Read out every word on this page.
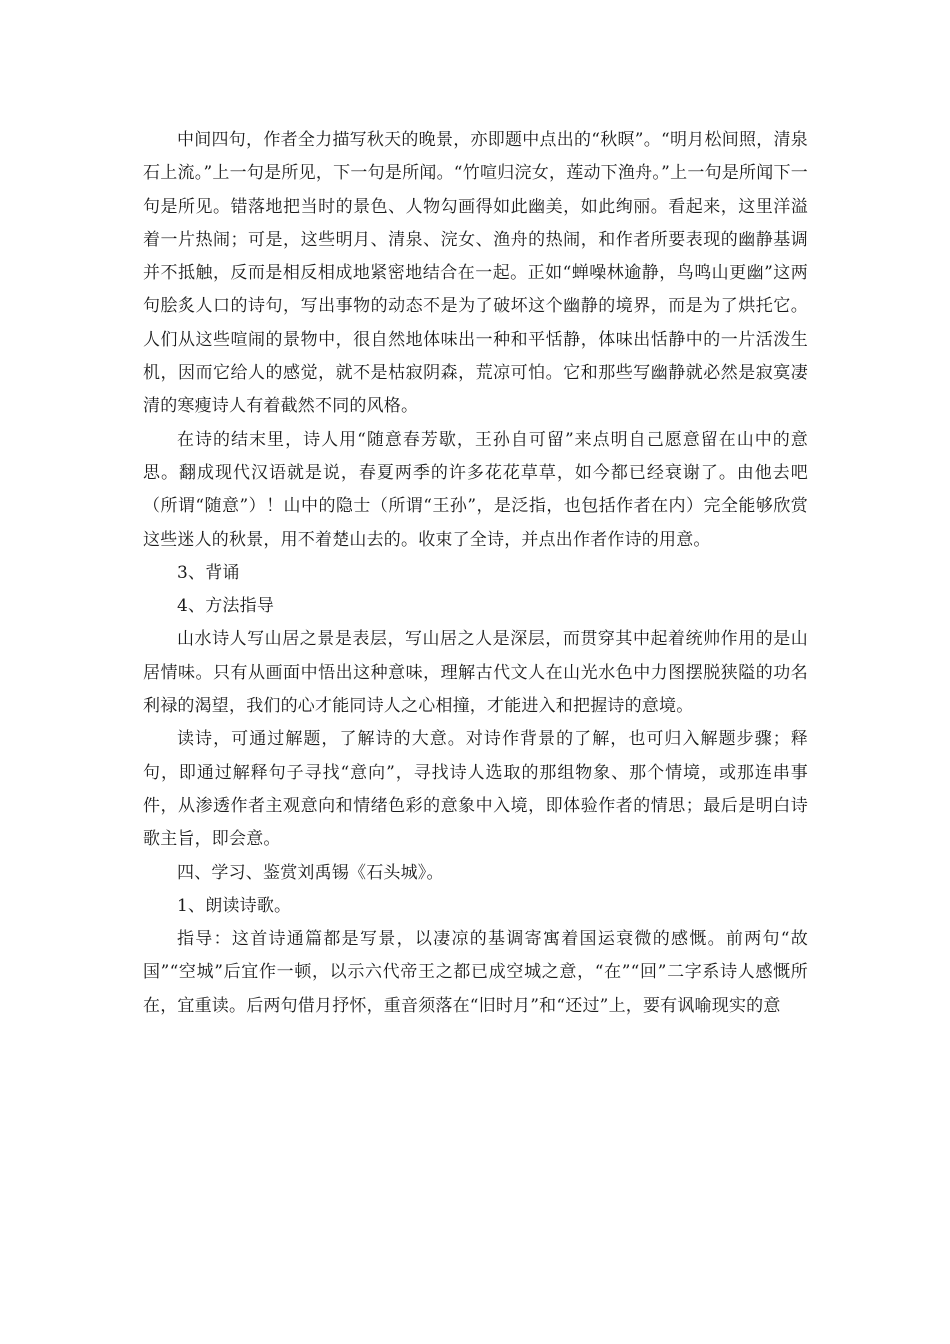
中间四句，作者全力描写秋天的晚景，亦即题中点出的“秋暝”。“明月松间照，清泉石上流。”上一句是所见，下一句是所闻。“竹喧归浣女，莲动下渔舟。”上一句是所闻下一句是所见。错落地把当时的景色、人物勾画得如此幽美，如此绚丽。看起来，这里洋溢着一片热闹；可是，这些明月、清泉、浣女、渔舟的热闹，和作者所要表现的幽静基调并不抵触，反而是相反相成地紧密地结合在一起。正如“蝉噪林逾静，鸟鸣山更幽”这两句脍炙人口的诗句，写出事物的动态不是为了破坏这个幽静的境界，而是为了烘托它。人们从这些喧闹的景物中，很自然地体味出一种和平恬静，体味出恬静中的一片活泼生机，因而它给人的感觉，就不是枯寂阴森，荒凉可怕。它和那些写幽静就必然是寂寞凄清的寒瘦诗人有着截然不同的风格。

在诗的结末里，诗人用“随意春芳歇，王孙自可留”来点明自己愿意留在山中的意思。翻成现代汉语就是说，春夏两季的许多花花草草，如今都已经衰谢了。由他去吧（所谓“随意”）！山中的隐士（所谓“王孙”，是泛指，也包括作者在内）完全能够欣赏这些迷人的秋景，用不着楚山去的。收束了全诗，并点出作者作诗的用意。

3、背诵

4、方法指导

山水诗人写山居之景是表层，写山居之人是深层，而贯穿其中起着统帅作用的是山居情味。只有从画面中悟出这种意味，理解古代文人在山光水色中力图摆脱狭隘的功名利禄的渴望，我们的心才能同诗人之心相撞，才能进入和把握诗的意境。

读诗，可通过解题，了解诗的大意。对诗作背景的了解，也可归入解题步骤；释句，即通过解释句子寻找“意向”，寻找诗人选取的那组物象、那个情境，或那连串事件，从渗透作者主观意向和情绪色彩的意象中入境，即体验作者的情思；最后是明白诗歌主旨，即会意。

四、学习、鉴赏刘禹锡《石头城》。

1、朗读诗歌。

指导：这首诗通篇都是写景，以凄凉的基调寄寓着国运衰微的感慨。前两句“故国”“空城”后宜作一顿，以示六代帝王之都已成空城之意，“在”“回”二字系诗人感慨所在，宜重读。后两句借月抒怀，重音须落在“旧时月”和“还过”上，要有讽喻现实的意
